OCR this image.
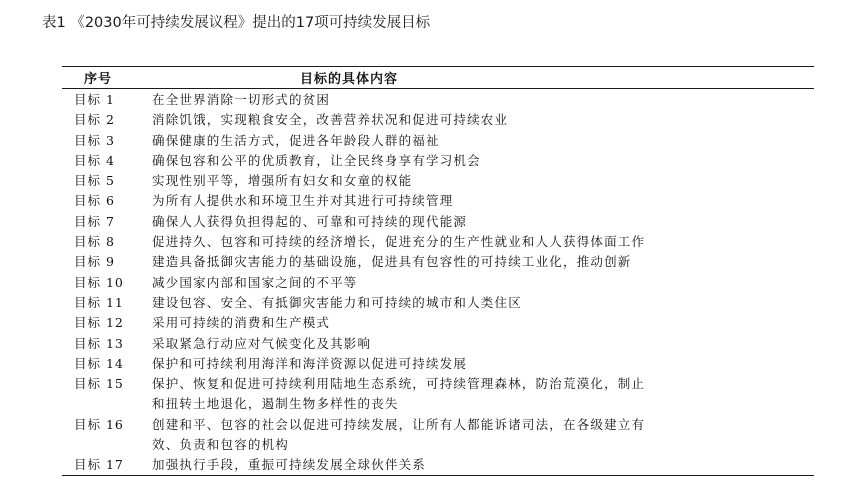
表1 《2030年可持续发展议程》提出的17项可持续发展目标
序号	目标的具体内容
目标 1	在全世界消除一切形式的贫困
目标 2	消除饥饿，实现粮食安全，改善营养状况和促进可持续农业
目标 3	确保健康的生活方式，促进各年龄段人群的福祉
目标 4	确保包容和公平的优质教育，让全民终身享有学习机会
目标 5	实现性别平等，增强所有妇女和女童的权能
目标 6	为所有人提供水和环境卫生并对其进行可持续管理
目标 7	确保人人获得负担得起的、可靠和可持续的现代能源
目标 8	促进持久、包容和可持续的经济增长，促进充分的生产性就业和人人获得体面工作
目标 9	建造具备抵御灾害能力的基础设施，促进具有包容性的可持续工业化，推动创新
目标 10	减少国家内部和国家之间的不平等
目标 11	建设包容、安全、有抵御灾害能力和可持续的城市和人类住区
目标 12	采用可持续的消费和生产模式
目标 13	采取紧急行动应对气候变化及其影响
目标 14	保护和可持续利用海洋和海洋资源以促进可持续发展
目标 15	保护、恢复和促进可持续利用陆地生态系统，可持续管理森林，防治荒漠化，制止
和扭转土地退化，遏制生物多样性的丧失
目标 16	创建和平、包容的社会以促进可持续发展，让所有人都能诉诸司法，在各级建立有
效、负责和包容的机构
目标 17	加强执行手段，重振可持续发展全球伙伴关系
